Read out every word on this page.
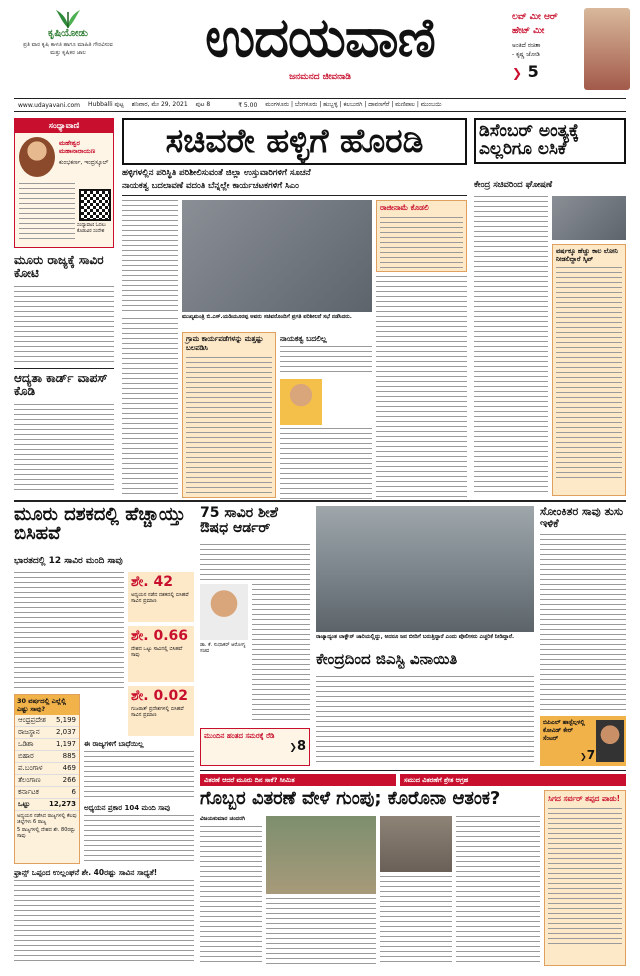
ಕೃಷಿಯೋಡು
ಪ್ರತಿ ವಾರ ಕೃಷಿ ಕಾಳಜಿ ಹಾಗೂ ಮಾಹಿತಿ ಗೌರವಿಸುವ ಮತ್ತು ಕೃಷಿಕರ ಜಾಲ	ಉದಯವಾಣಿ
ಜನಮನದ ಜೀವನಾಡಿ
ಲವ್ ಮೀ ಆರ್
ಹೇಟ್ ಮೀ
ಅಂತಿದೆ ರಚಿತಾ
- ಕೃಷ್ಣ ಜೋಡಿ
❯ 5
www.udayavani.com Hubballi ಪುಟ್ಟ ಶನಿವಾರ, ಮೇ 29, 2021 ಪುಟ 8	₹ 5.00 ಮಂಗಳೂರು | ಬೆಂಗಳೂರು | ಹುಬ್ಬಳ್ಳಿ | ಕಲಬುರಗಿ | ದಾವಣಗೆರೆ | ಮಣಿಪಾಲ | ಮುಂಬಯಿ
ಸಂಧ್ಯಾವಾಣಿ
ಮಹೇಶ್ವರ ಮಹಾನಾರಾಯಣ
ಕುಂಭಕರ್ಣ, ಇಂದ್ರಸ್ಕೂಲ್
ಸಂಧ್ಯಾವಾಣಿ ಓದಲು ಕೊಡುವಿರ ಸಂದೇಶ
ಮೂರು ರಾಜ್ಯಕ್ಕೆ ಸಾವಿರ ಕೋಟಿ
ಆದ್ಯತಾ ಕಾರ್ಡ್ ವಾಪಸ್ ಕೊಡಿ
ಸಚಿವರೇ ಹಳ್ಳಿಗೆ ಹೊರಡಿ
ಹಳ್ಳಿಗಳಲ್ಲಿನ ಪರಿಸ್ಥಿತಿ ಪರಿಶೀಲಿಸುವಂತೆ ಜಿಲ್ಲಾ ಉಸ್ತುವಾರಿಗಳಿಗೆ ಸೂಚನೆ
ನಾಯಕತ್ವ ಬದಲಾವಣೆ ವದಂತಿ ಬೆನ್ನಲ್ಲೇ ಕಾರ್ಯಚಟಕಗಳಿಗೆ ಸಿಎಂ
ರಾಜೀನಾಮೆ ಕೊಡಲಿ
ಮುಖ್ಯಮಂತ್ರಿ ಬಿ.ಎಸ್.ಯಡಿಯೂರಪ್ಪ ಅವರು ಸಚಿವರೊಂದಿಗೆ ಪ್ರಗತಿ ಪರಿಶೀಲನೆ ಸಭೆ ನಡೆಸಿದರು.
ಗ್ರಾಮ ಕಾರ್ಯಪಡೆಗಳನ್ನು ಮತ್ತಷ್ಟು ಬಲಪಡಿಸಿ
ನಾಯಕತ್ವ ಬದಲಿಲ್ಲ
ಡಿಸೆಂಬರ್ ಅಂತ್ಯಕ್ಕೆ ಎಲ್ಲರಿಗೂ ಲಸಿಕೆ
ಕೇಂದ್ರ ಸಚಿವರಿಂದ ಘೋಷಣೆ
ವರ್ಷಕ್ಕೂ ಹೆಚ್ಚು ಕಾಲ ಲೋನಿ ನೀಡಲಿದ್ದಾರೆ ಸ್ಕಿಪ್
ಮೂರು ದಶಕದಲ್ಲಿ ಹೆಚ್ಚಾಯ್ತು ಬಿಸಿಹವೆ
ಭಾರತದಲ್ಲಿ 12 ಸಾವಿರ ಮಂದಿ ಸಾವು
ಶೇ. 42
ಅಧ್ಯಯನ ನಡೆದ ದಶಕದಲ್ಲಿ ಬಿಸಿಹವೆ ಸಾವಿನ ಪ್ರಮಾಣ
ಶೇ. 0.66
ದೇಶದ ಒಟ್ಟು ಸಾವಿನಲ್ಲಿ ಬಿಸಿಹವೆ ಸಾವು
ಶೇ. 0.02
ಗುಜರಾತ್ ಪ್ರದೇಶಗಳಲ್ಲಿ ಬಿಸಿಹವೆ ಸಾವಿನ ಪ್ರಮಾಣ
30 ವರ್ಷದಲ್ಲಿ ಎಲ್ಲೆಲ್ಲಿ ಎಷ್ಟು ಸಾವು?
ಆಂಧ್ರಪ್ರದೇಶ 5,199
ರಾಜಸ್ಥಾನ 2,037
ಒಡಿಶಾ	1,197
ಬಿಹಾರ	885
ಪ.ಬಂಗಾಳ	469
ತೆಲಂಗಾಣ	266
ಕರ್ನಾಟಕ	6
ಒಟ್ಟು	12,273
ಅಧ್ಯಯನ ನಡೆಸಿದ ರಾಜ್ಯಗಳಲ್ಲಿ ಕೆಲವು ಜಿಲ್ಲೆಗಳು 6 ರಾಜ್ಯ
5 ರಾಜ್ಯಗಳಲ್ಲಿ ದೇಶದ ಶೇ. 80ರಷ್ಟು ಸಾವು
ಈ ರಾಜ್ಯಗಳಿಗೆ ಬಾಧೆಯಿಲ್ಲ
ಅಧ್ಯಯನ ಪ್ರಕಾರ 104 ಮಂದಿ ಸಾವು
ಫ್ರಾನ್ಸ್ ಒಪ್ಪಂದ ಉಲ್ಲಂಘನೆ ಶೇ. 40ರಷ್ಟು ಸಾವಿನ ಸಾಧ್ಯತೆ!
75 ಸಾವಿರ ಶೀಶೆ ಔಷಧ ಆರ್ಡರ್
ಡಾ. ಕೆ. ಸುಧಾಕರ್ ಆರೋಗ್ಯ ಸಚಿವ
ರಾಜ್ಯಾದ್ಯಂತ ಲಾಕ್ಡೌನ್ ಜಾರಿಯಲ್ಲಿದ್ದು, ಅದರೂ ಜನ ಬೀದಿಗೆ ಬರುತ್ತಿದ್ದಾರೆ ಎಂದು ಪೊಲೀಸರು ಎಚ್ಚರಿಕೆ ನೀಡಿದ್ದಾರೆ.
ಕೇಂದ್ರದಿಂದ ಜಿಎಸ್ಟಿ ವಿನಾಯಿತಿ
ಮುಂದಿನ ಹಂತದ ಸಮರಕ್ಕೆ ರೆಡಿ
❯8
ಸೋಂಕಿತರ ಸಾವು ತುಸು ಇಳಿಕೆ
ಬಿಪಿಎಲ್ ಹಾಸ್ಟೆಲ್ಗಳಲ್ಲಿ ಕೋವಿಡ್ ಕೇರ್ ಸೆಂಟರ್
❯7
ವಿತರಣೆ ಆದರೆ ಮೂರು ದಿನ ಸಾಕೆ? ಸೀಮಿತ	ಸಮುದ ವಿತರಣೆಗೆ ಶ್ರೇತ ಆಗ್ರಹ
ಗೊಬ್ಬರ ವಿತರಣೆ ವೇಳೆ ಗುಂಪು; ಕೊರೊನಾ ಆತಂಕ?
ವಿಜಯಕುಮಾರ ಚಂದರಗಿ
ಸಿಗದ ಸರ್ವರ್ ತಪ್ಪದ ಪಾಡು!
